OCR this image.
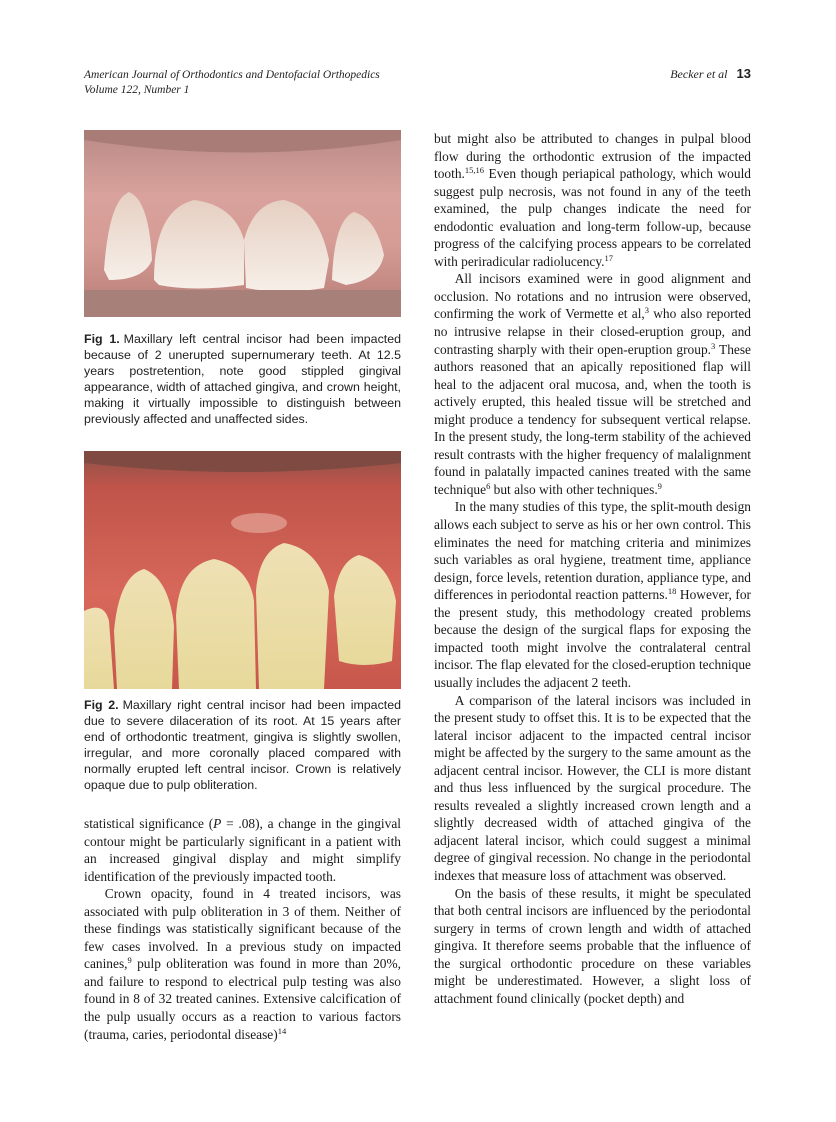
American Journal of Orthodontics and Dentofacial Orthopedics
Volume 122, Number 1
Becker et al 13
Fig 1. Maxillary left central incisor had been impacted because of 2 unerupted supernumerary teeth. At 12.5 years postretention, note good stippled gingival appearance, width of attached gingiva, and crown height, making it virtually impossible to distinguish between previously affected and unaffected sides.
Fig 2. Maxillary right central incisor had been impacted due to severe dilaceration of its root. At 15 years after end of orthodontic treatment, gingiva is slightly swollen, irregular, and more coronally placed compared with normally erupted left central incisor. Crown is relatively opaque due to pulp obliteration.

statistical significance (P = .08), a change in the gingival contour might be particularly significant in a patient with an increased gingival display and might simplify identification of the previously impacted tooth.

Crown opacity, found in 4 treated incisors, was associated with pulp obliteration in 3 of them. Neither of these findings was statistically significant because of the few cases involved. In a previous study on impacted canines,$^9$ pulp obliteration was found in more than 20%, and failure to respond to electrical pulp testing was also found in 8 of 32 treated canines. Extensive calcification of the pulp usually occurs as a reaction to various factors (trauma, caries, periodontal disease)$^{14}$

but might also be attributed to changes in pulpal blood flow during the orthodontic extrusion of the impacted tooth.$^{15,16}$ Even though periapical pathology, which would suggest pulp necrosis, was not found in any of the teeth examined, the pulp changes indicate the need for endodontic evaluation and long-term follow-up, because progress of the calcifying process appears to be correlated with periradicular radiolucency.$^{17}$

All incisors examined were in good alignment and occlusion. No rotations and no intrusion were observed, confirming the work of Vermette et al,$^3$ who also reported no intrusive relapse in their closed-eruption group, and contrasting sharply with their open-eruption group.$^3$ These authors reasoned that an apically repositioned flap will heal to the adjacent oral mucosa, and, when the tooth is actively erupted, this healed tissue will be stretched and might produce a tendency for subsequent vertical relapse. In the present study, the long-term stability of the achieved result contrasts with the higher frequency of malalignment found in palatally impacted canines treated with the same technique$^6$ but also with other techniques.$^9$

In the many studies of this type, the split-mouth design allows each subject to serve as his or her own control. This eliminates the need for matching criteria and minimizes such variables as oral hygiene, treatment time, appliance design, force levels, retention duration, appliance type, and differences in periodontal reaction patterns.$^{18}$ However, for the present study, this methodology created problems because the design of the surgical flaps for exposing the impacted tooth might involve the contralateral central incisor. The flap elevated for the closed-eruption technique usually includes the adjacent 2 teeth.

A comparison of the lateral incisors was included in the present study to offset this. It is to be expected that the lateral incisor adjacent to the impacted central incisor might be affected by the surgery to the same amount as the adjacent central incisor. However, the CLI is more distant and thus less influenced by the surgical procedure. The results revealed a slightly increased crown length and a slightly decreased width of attached gingiva of the adjacent lateral incisor, which could suggest a minimal degree of gingival recession. No change in the periodontal indexes that measure loss of attachment was observed.

On the basis of these results, it might be speculated that both central incisors are influenced by the periodontal surgery in terms of crown length and width of attached gingiva. It therefore seems probable that the influence of the surgical orthodontic procedure on these variables might be underestimated. However, a slight loss of attachment found clinically (pocket depth) and
